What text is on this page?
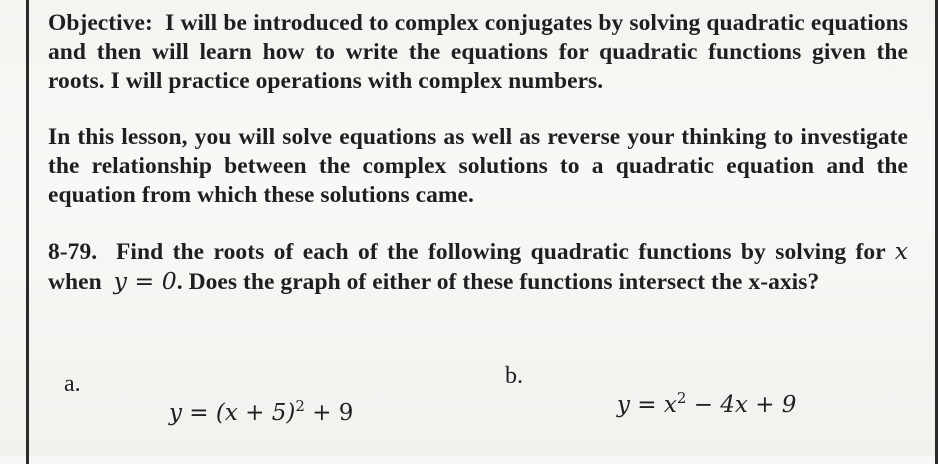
Objective: I will be introduced to complex conjugates by solving quadratic equations and then will learn how to write the equations for quadratic functions given the roots. I will practice operations with complex numbers.
In this lesson, you will solve equations as well as reverse your thinking to investigate the relationship between the complex solutions to a quadratic equation and the equation from which these solutions came.
8-79. Find the roots of each of the following quadratic functions by solving for x when y = 0. Does the graph of either of these functions intersect the x-axis?
a.
$y = (x + 5)^2 + 9$
b.
$y = x^2 - 4x + 9$
